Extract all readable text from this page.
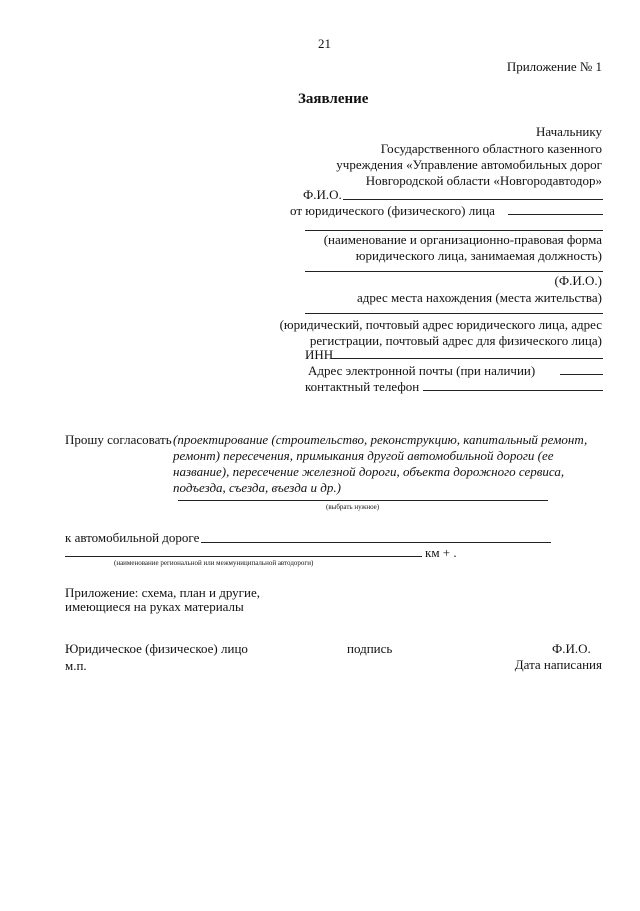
21
Приложение № 1
Заявление
Начальнику
Государственного областного казенного
учреждения «Управление автомобильных дорог
Новгородской области «Новгородавтодор»
Ф.И.О.
от юридического (физического) лица
(наименование и организационно-правовая форма
юридического лица, занимаемая должность)
(Ф.И.О.)
адрес места нахождения (места жительства)
(юридический, почтовый адрес юридического лица, адрес
регистрации, почтовый адрес для физического лица)
ИНН
Адрес электронной почты (при наличии)
контактный телефон
Прошу согласовать (проектирование (строительство, реконструкцию, капитальный ремонт,
ремонт) пересечения, примыкания другой автомобильной дороги (ее
название), пересечение железной дороги, объекта дорожного сервиса,
подъезда, съезда, въезда и др.)
(выбрать нужное)
к автомобильной дороге
км + .
(наименование региональной или межмуниципальной автодороги)
Приложение: схема, план и другие,
имеющиеся на руках материалы
Юридическое (физическое) лицо	подпись	Ф.И.О.
м.п.	Дата написания
